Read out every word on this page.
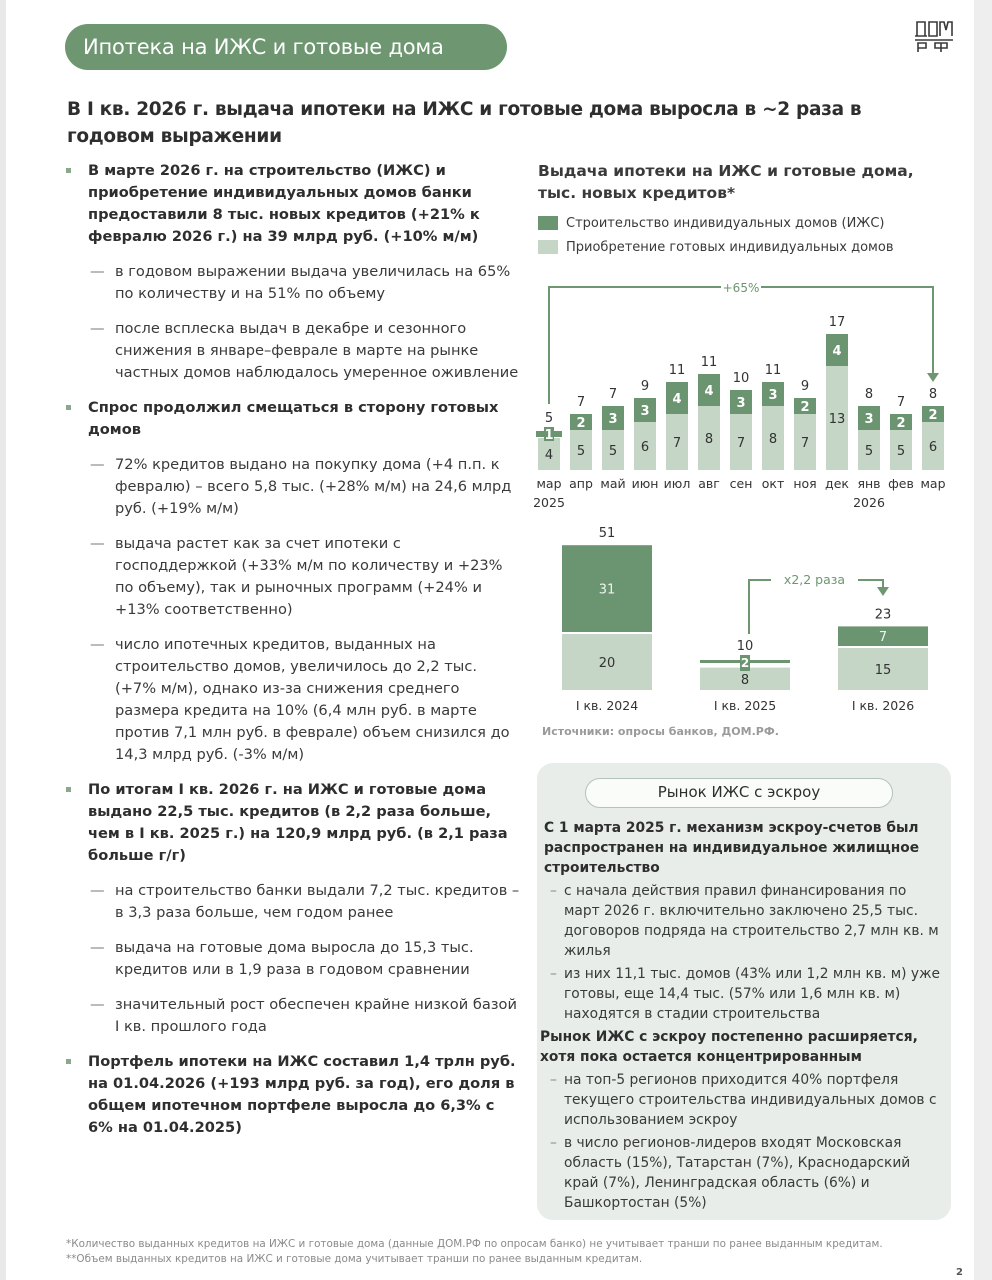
Ипотека на ИЖС и готовые дома
В I кв. 2026 г. выдача ипотеки на ИЖС и готовые дома выросла в ~2 раза в годовом выражении
В марте 2026 г. на строительство (ИЖС) и приобретение индивидуальных домов банки предоставили 8 тыс. новых кредитов (+21% к февралю 2026 г.) на 39 млрд руб. (+10% м/м)
— в годовом выражении выдача увеличилась на 65% по количеству и на 51% по объему
— после всплеска выдач в декабре и сезонного снижения в январе–феврале в марте на рынке частных домов наблюдалось умеренное оживление
Спрос продолжил смещаться в сторону готовых домов
— 72% кредитов выдано на покупку дома (+4 п.п. к февралю) – всего 5,8 тыс. (+28% м/м) на 24,6 млрд руб. (+19% м/м)
— выдача растет как за счет ипотеки с господдержкой (+33% м/м по количеству и +23% по объему), так и рыночных программ (+24% и +13% соответственно)
— число ипотечных кредитов, выданных на строительство домов, увеличилось до 2,2 тыс. (+7% м/м), однако из-за снижения среднего размера кредита на 10% (6,4 млн руб. в марте против 7,1 млн руб. в феврале) объем снизился до 14,3 млрд руб. (-3% м/м)
По итогам I кв. 2026 г. на ИЖС и готовые дома выдано 22,5 тыс. кредитов (в 2,2 раза больше, чем в I кв. 2025 г.) на 120,9 млрд руб. (в 2,1 раза больше г/г)
— на строительство банки выдали 7,2 тыс. кредитов – в 3,3 раза больше, чем годом ранее
— выдача на готовые дома выросла до 15,3 тыс. кредитов или в 1,9 раза в годовом сравнении
— значительный рост обеспечен крайне низкой базой I кв. прошлого года
Портфель ипотеки на ИЖС составил 1,4 трлн руб. на 01.04.2026 (+193 млрд руб. за год), его доля в общем ипотечном портфеле выросла до 6,3% с 6% на 01.04.2025)
Выдача ипотеки на ИЖС и готовые дома, тыс. новых кредитов*
Строительство индивидуальных домов (ИЖС)
Приобретение готовых индивидуальных домов
4
1
5
мар
2025
5
2
7
апр
5
3
7
май
6
3
9
июн
7
4
11
июл
8
4
11
авг
7
3
10
сен
8
3
11
окт
7
2
9
ноя
13
4
17
дек
5
3
8
янв
2026
5
2
7
фев
6
2
8
мар
+65%
31
20
51
I кв. 2024
2
8
10
I кв. 2025
7
15
23
I кв. 2026
x2,2 раза
Источники: опросы банков, ДОМ.РФ.
Рынок ИЖС с эскроу
С 1 марта 2025 г. механизм эскроу-счетов был распространен на индивидуальное жилищное строительство
– с начала действия правил финансирования по март 2026 г. включительно заключено 25,5 тыс. договоров подряда на строительство 2,7 млн кв. м жилья
– из них 11,1 тыс. домов (43% или 1,2 млн кв. м) уже готовы, еще 14,4 тыс. (57% или 1,6 млн кв. м) находятся в стадии строительства
Рынок ИЖС с эскроу постепенно расширяется, хотя пока остается концентрированным
– на топ-5 регионов приходится 40% портфеля текущего строительства индивидуальных домов с использованием эскроу
– в число регионов-лидеров входят Московская область (15%), Татарстан (7%), Краснодарский край (7%), Ленинградская область (6%) и Башкортостан (5%)
*Количество выданных кредитов на ИЖС и готовые дома (данные ДОМ.РФ по опросам банко) не учитывает транши по ранее выданным кредитам.
**Объем выданных кредитов на ИЖС и готовые дома учитывает транши по ранее выданным кредитам.
2
